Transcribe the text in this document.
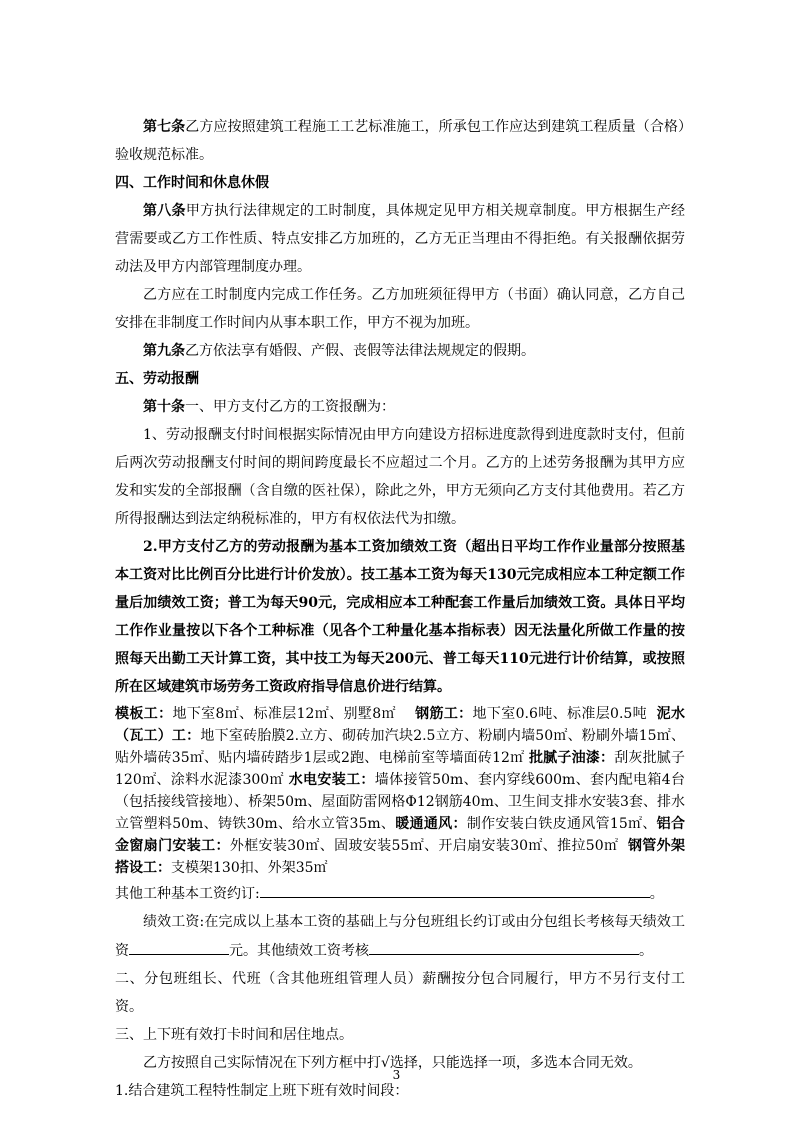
第七条乙方应按照建筑工程施工工艺标准施工，所承包工作应达到建筑工程质量（合格）验收规范标准。

四、工作时间和休息休假

第八条甲方执行法律规定的工时制度，具体规定见甲方相关规章制度。甲方根据生产经营需要或乙方工作性质、特点安排乙方加班的，乙方无正当理由不得拒绝。有关报酬依据劳动法及甲方内部管理制度办理。

乙方应在工时制度内完成工作任务。乙方加班须征得甲方（书面）确认同意，乙方自己安排在非制度工作时间内从事本职工作，甲方不视为加班。

第九条乙方依法享有婚假、产假、丧假等法律法规规定的假期。

五、劳动报酬

第十条一、甲方支付乙方的工资报酬为：

1、劳动报酬支付时间根据实际情况由甲方向建设方招标进度款得到进度款时支付，但前后两次劳动报酬支付时间的期间跨度最长不应超过二个月。乙方的上述劳务报酬为其甲方应发和实发的全部报酬（含自缴的医社保），除此之外，甲方无须向乙方支付其他费用。若乙方所得报酬达到法定纳税标准的，甲方有权依法代为扣缴。

2.甲方支付乙方的劳动报酬为基本工资加绩效工资（超出日平均工作作业量部分按照基本工资对比比例百分比进行计价发放）。技工基本工资为每天130元完成相应本工种定额工作量后加绩效工资；普工为每天90元，完成相应本工种配套工作量后加绩效工资。具体日平均工作作业量按以下各个工种标准（见各个工种量化基本指标表）因无法量化所做工作量的按照每天出勤工天计算工资，其中技工为每天200元、普工每天110元进行计价结算，或按照所在区域建筑市场劳务工资政府指导信息价进行结算。

模板工：地下室8㎡、标准层12㎡、别墅8㎡ 钢筋工：地下室0.6吨、标准层0.5吨 泥水（瓦工）工：地下室砖胎膜2.立方、砌砖加汽块2.5立方、粉刷内墙50㎡、粉刷外墙15㎡、贴外墙砖35㎡、贴内墙砖踏步1层或2跑、电梯前室等墙面砖12㎡ 批腻子油漆：刮灰批腻子120㎡、涂料水泥漆300㎡ 水电安装工：墙体接管50m、套内穿线600m、套内配电箱4台（包括接线管接地）、桥架50m、屋面防雷网格Φ12钢筋40m、卫生间支排水安装3套、排水立管塑料50m、铸铁30m、给水立管35m、暖通通风：制作安装白铁皮通风管15㎡、铝合金窗扇门安装工：外框安装30㎡、固玻安装55㎡、开启扇安装30㎡、推拉50㎡ 钢管外架搭设工：支模架130扣、外架35㎡

其他工种基本工资约订:	。

绩效工资:在完成以上基本工资的基础上与分包班组长约订或由分包组长考核每天绩效工资	元。其他绩效工资考核	。

二、分包班组长、代班（含其他班组管理人员）薪酬按分包合同履行，甲方不另行支付工资。

三、上下班有效打卡时间和居住地点。

乙方按照自己实际情况在下列方框中打√选择，只能选择一项，多选本合同无效。

1.结合建筑工程特性制定上班下班有效时间段：

3
